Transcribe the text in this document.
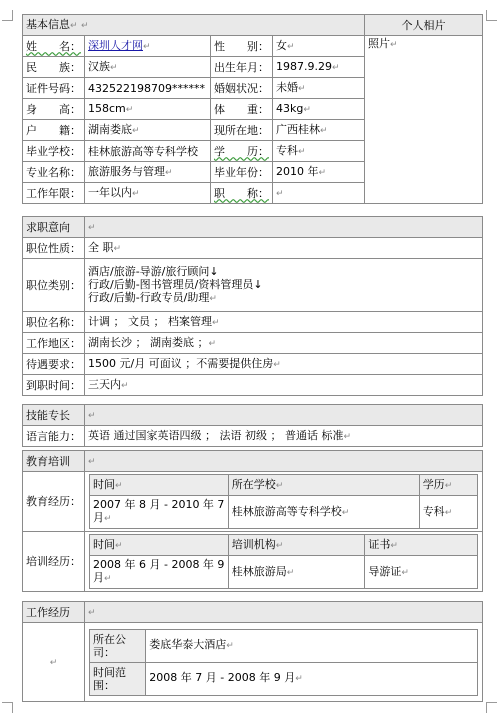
基本信息↵ ↵				个人相片
姓　　名：	深圳人才网↵	性　　别：	女↵	照片↵
民　　族：	汉族↵	出生年月：	1987.9.29↵	
证件号码：	432522198709******	婚姻状况：	未婚↵	
身　　高：	158cm↵	体　　重：	43kg↵	
户　　籍：	湖南娄底↵	现所在地：	广西桂林↵	
毕业学校：	桂林旅游高等专科学校	学　　历：	专科↵	
专业名称：	旅游服务与管理↵	毕业年份：	2010 年↵	
工作年限：	一年以内↵	职　　称：	↵	
求职意向	↵
职位性质：	全 职↵
职位类别：	酒店/旅游-导游/旅行顾问↓
行政/后勤-图书管理员/资料管理员↓
行政/后勤-行政专员/助理↵

职位名称：	计调 ； 文员 ； 档案管理↵
工作地区：	湖南长沙 ； 湖南娄底 ；↵
待遇要求：	1500 元/月 可面议 ；不需要提供住房↵
到职时间：	三天内↵
技能专长	↵
语言能力：	英语 通过国家英语四级 ； 法语 初级 ； 普通话 标准↵
教育培训	↵
教育经历：	
时间↵	所在学校↵	学历↵
2007 年 8 月 - 2010 年 7 月↵	桂林旅游高等专科学校↵	专科↵

培训经历：	
时间↵	培训机构↵	证书↵
2008 年 6 月 - 2008 年 9 月↵	桂林旅游局↵	导游证↵
工作经历	↵
↵	
所在公司：	娄底华泰大酒店↵
时间范围：	2008 年 7 月 - 2008 年 9 月↵
